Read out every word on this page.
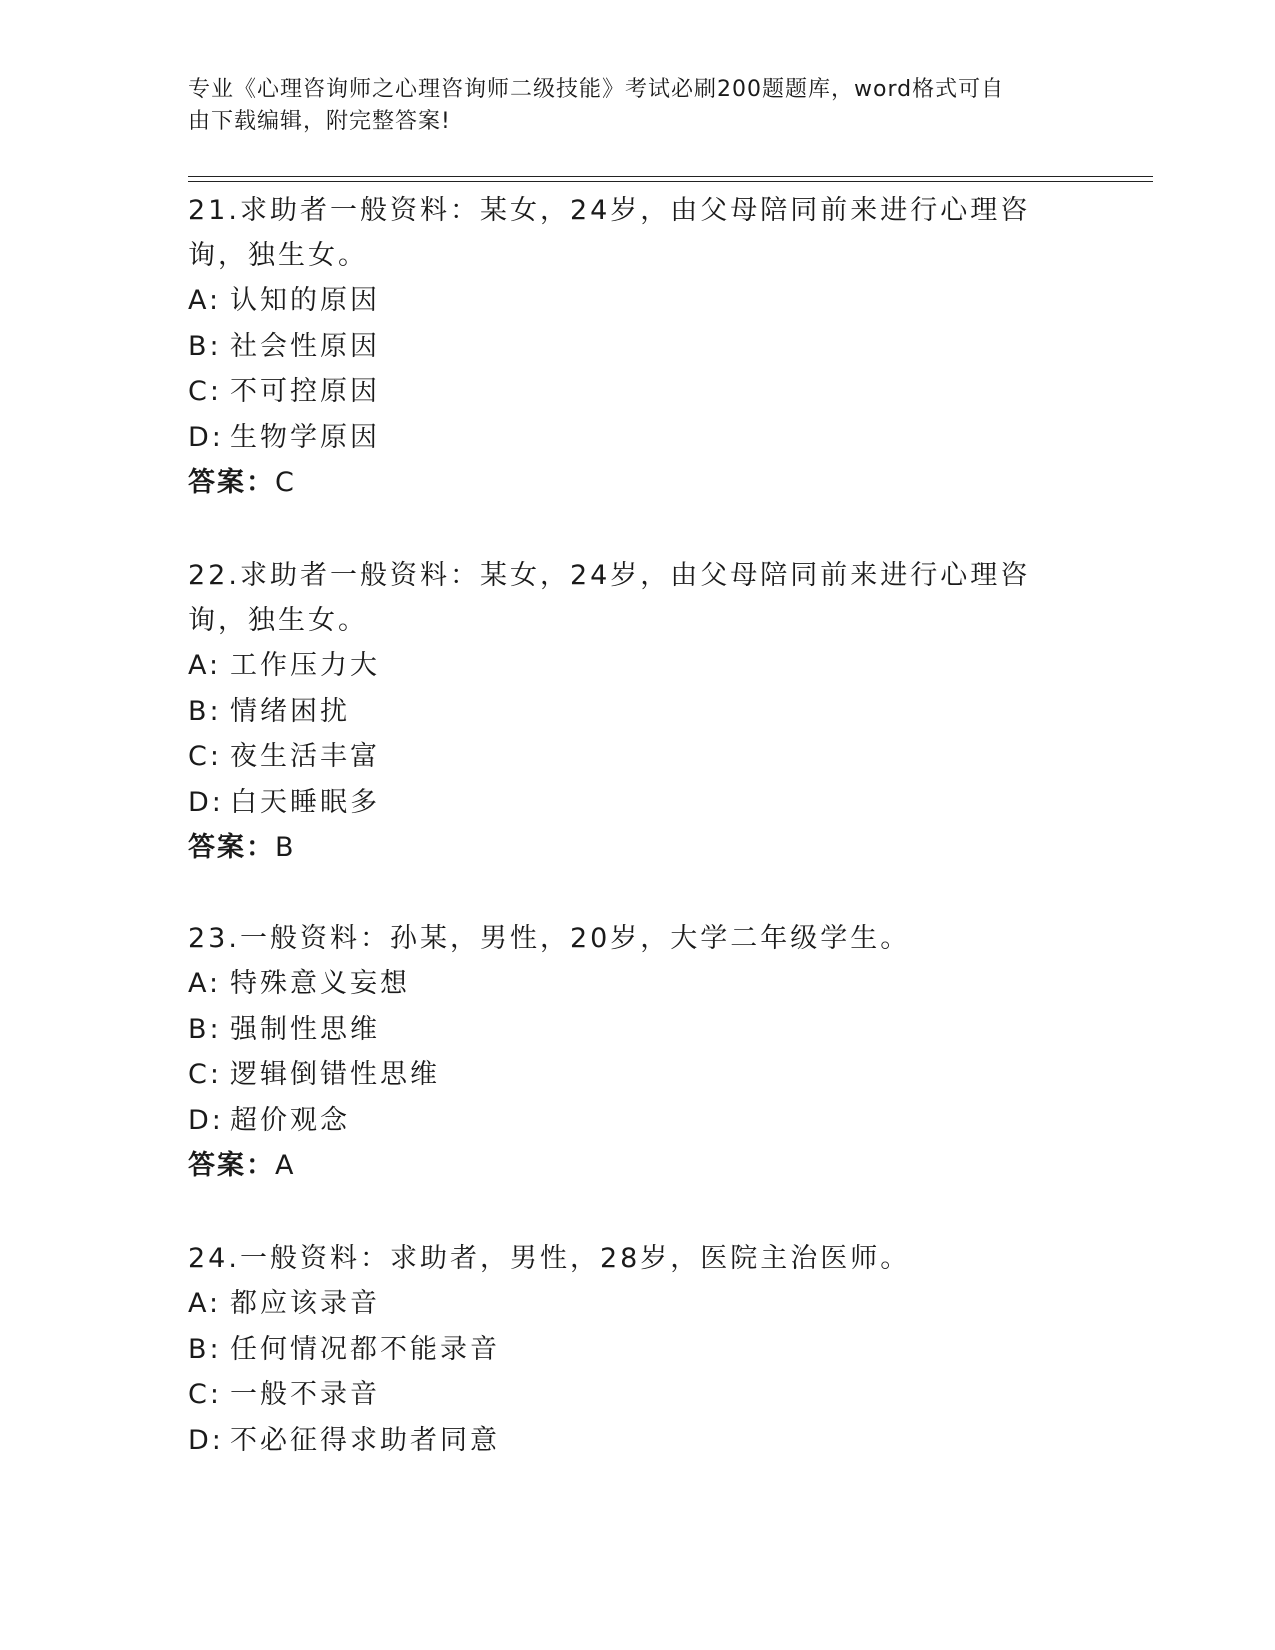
专业《心理咨询师之心理咨询师二级技能》考试必刷200题题库，word格式可自
由下载编辑，附完整答案!

21.求助者一般资料：某女，24岁，由父母陪同前来进行心理咨询，独生女。

A: 认知的原因

B: 社会性原因

C: 不可控原因

D: 生物学原因

答案：C

22.求助者一般资料：某女，24岁，由父母陪同前来进行心理咨询，独生女。

A: 工作压力大

B: 情绪困扰

C: 夜生活丰富

D: 白天睡眠多

答案：B

23.一般资料：孙某，男性，20岁，大学二年级学生。

A: 特殊意义妄想

B: 强制性思维

C: 逻辑倒错性思维

D: 超价观念

答案：A

24.一般资料：求助者，男性，28岁，医院主治医师。

A: 都应该录音

B: 任何情况都不能录音

C: 一般不录音

D: 不必征得求助者同意
